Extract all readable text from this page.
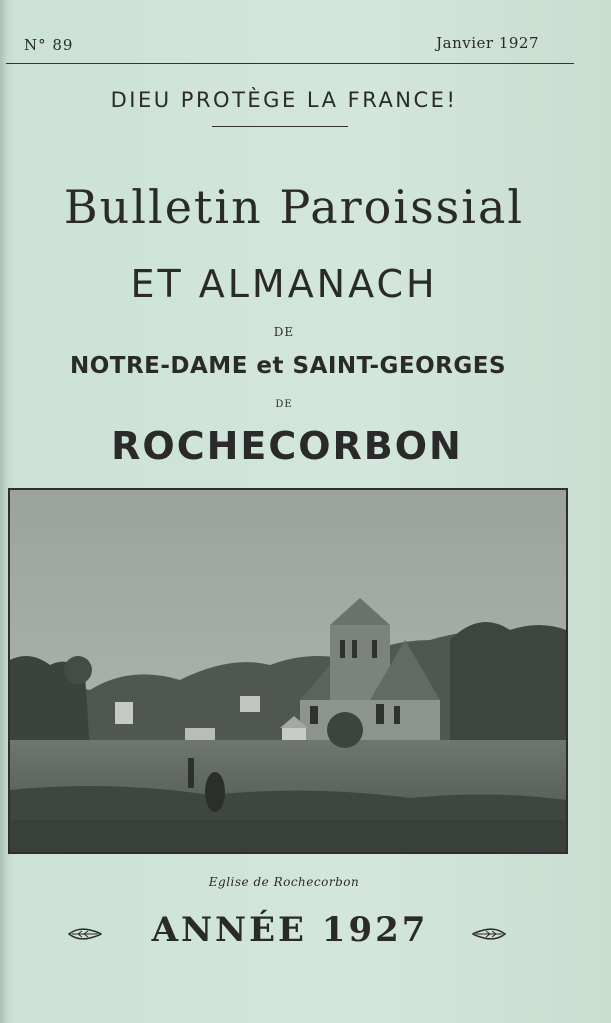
N° 89	Janvier 1927
DIEU PROTÈGE LA FRANCE!
Bulletin Paroissial
ET ALMANACH
DE
NOTRE-DAME et SAINT-GEORGES
DE
ROCHECORBON
Eglise de Rochecorbon
ANNÉE 1927
